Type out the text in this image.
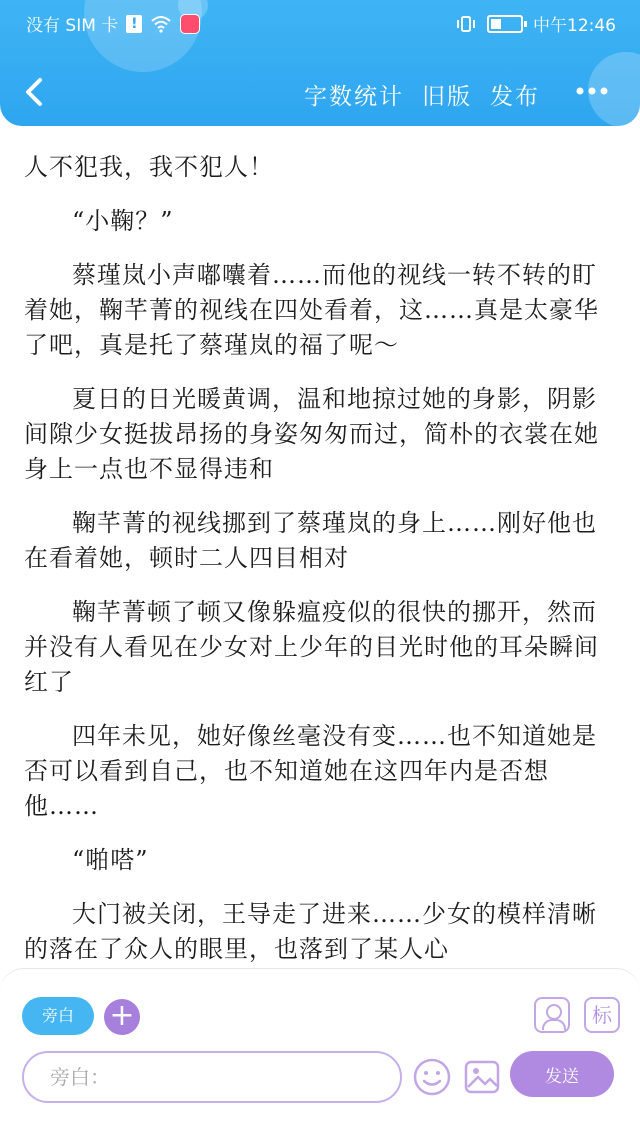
没有 SIM 卡 !	中午12:46
字数统计 旧版 发布

人不犯我，我不犯人！

“小鞠？”

蔡瑾岚小声嘟囔着……而他的视线一转不转的盯着她，鞠芊菁的视线在四处看着，这……真是太豪华了吧，真是托了蔡瑾岚的福了呢～

夏日的日光暖黄调，温和地掠过她的身影，阴影间隙少女挺拔昂扬的身姿匆匆而过，简朴的衣裳在她身上一点也不显得违和

鞠芊菁的视线挪到了蔡瑾岚的身上……刚好他也在看着她，顿时二人四目相对

鞠芊菁顿了顿又像躲瘟疫似的很快的挪开，然而并没有人看见在少女对上少年的目光时他的耳朵瞬间红了

四年未见，她好像丝毫没有变……也不知道她是否可以看到自己，也不知道她在这四年内是否想他……

“啪嗒”

大门被关闭，王导走了进来……少女的模样清晰的落在了众人的眼里，也落到了某人心

旁白	+	标
旁白：
发送
